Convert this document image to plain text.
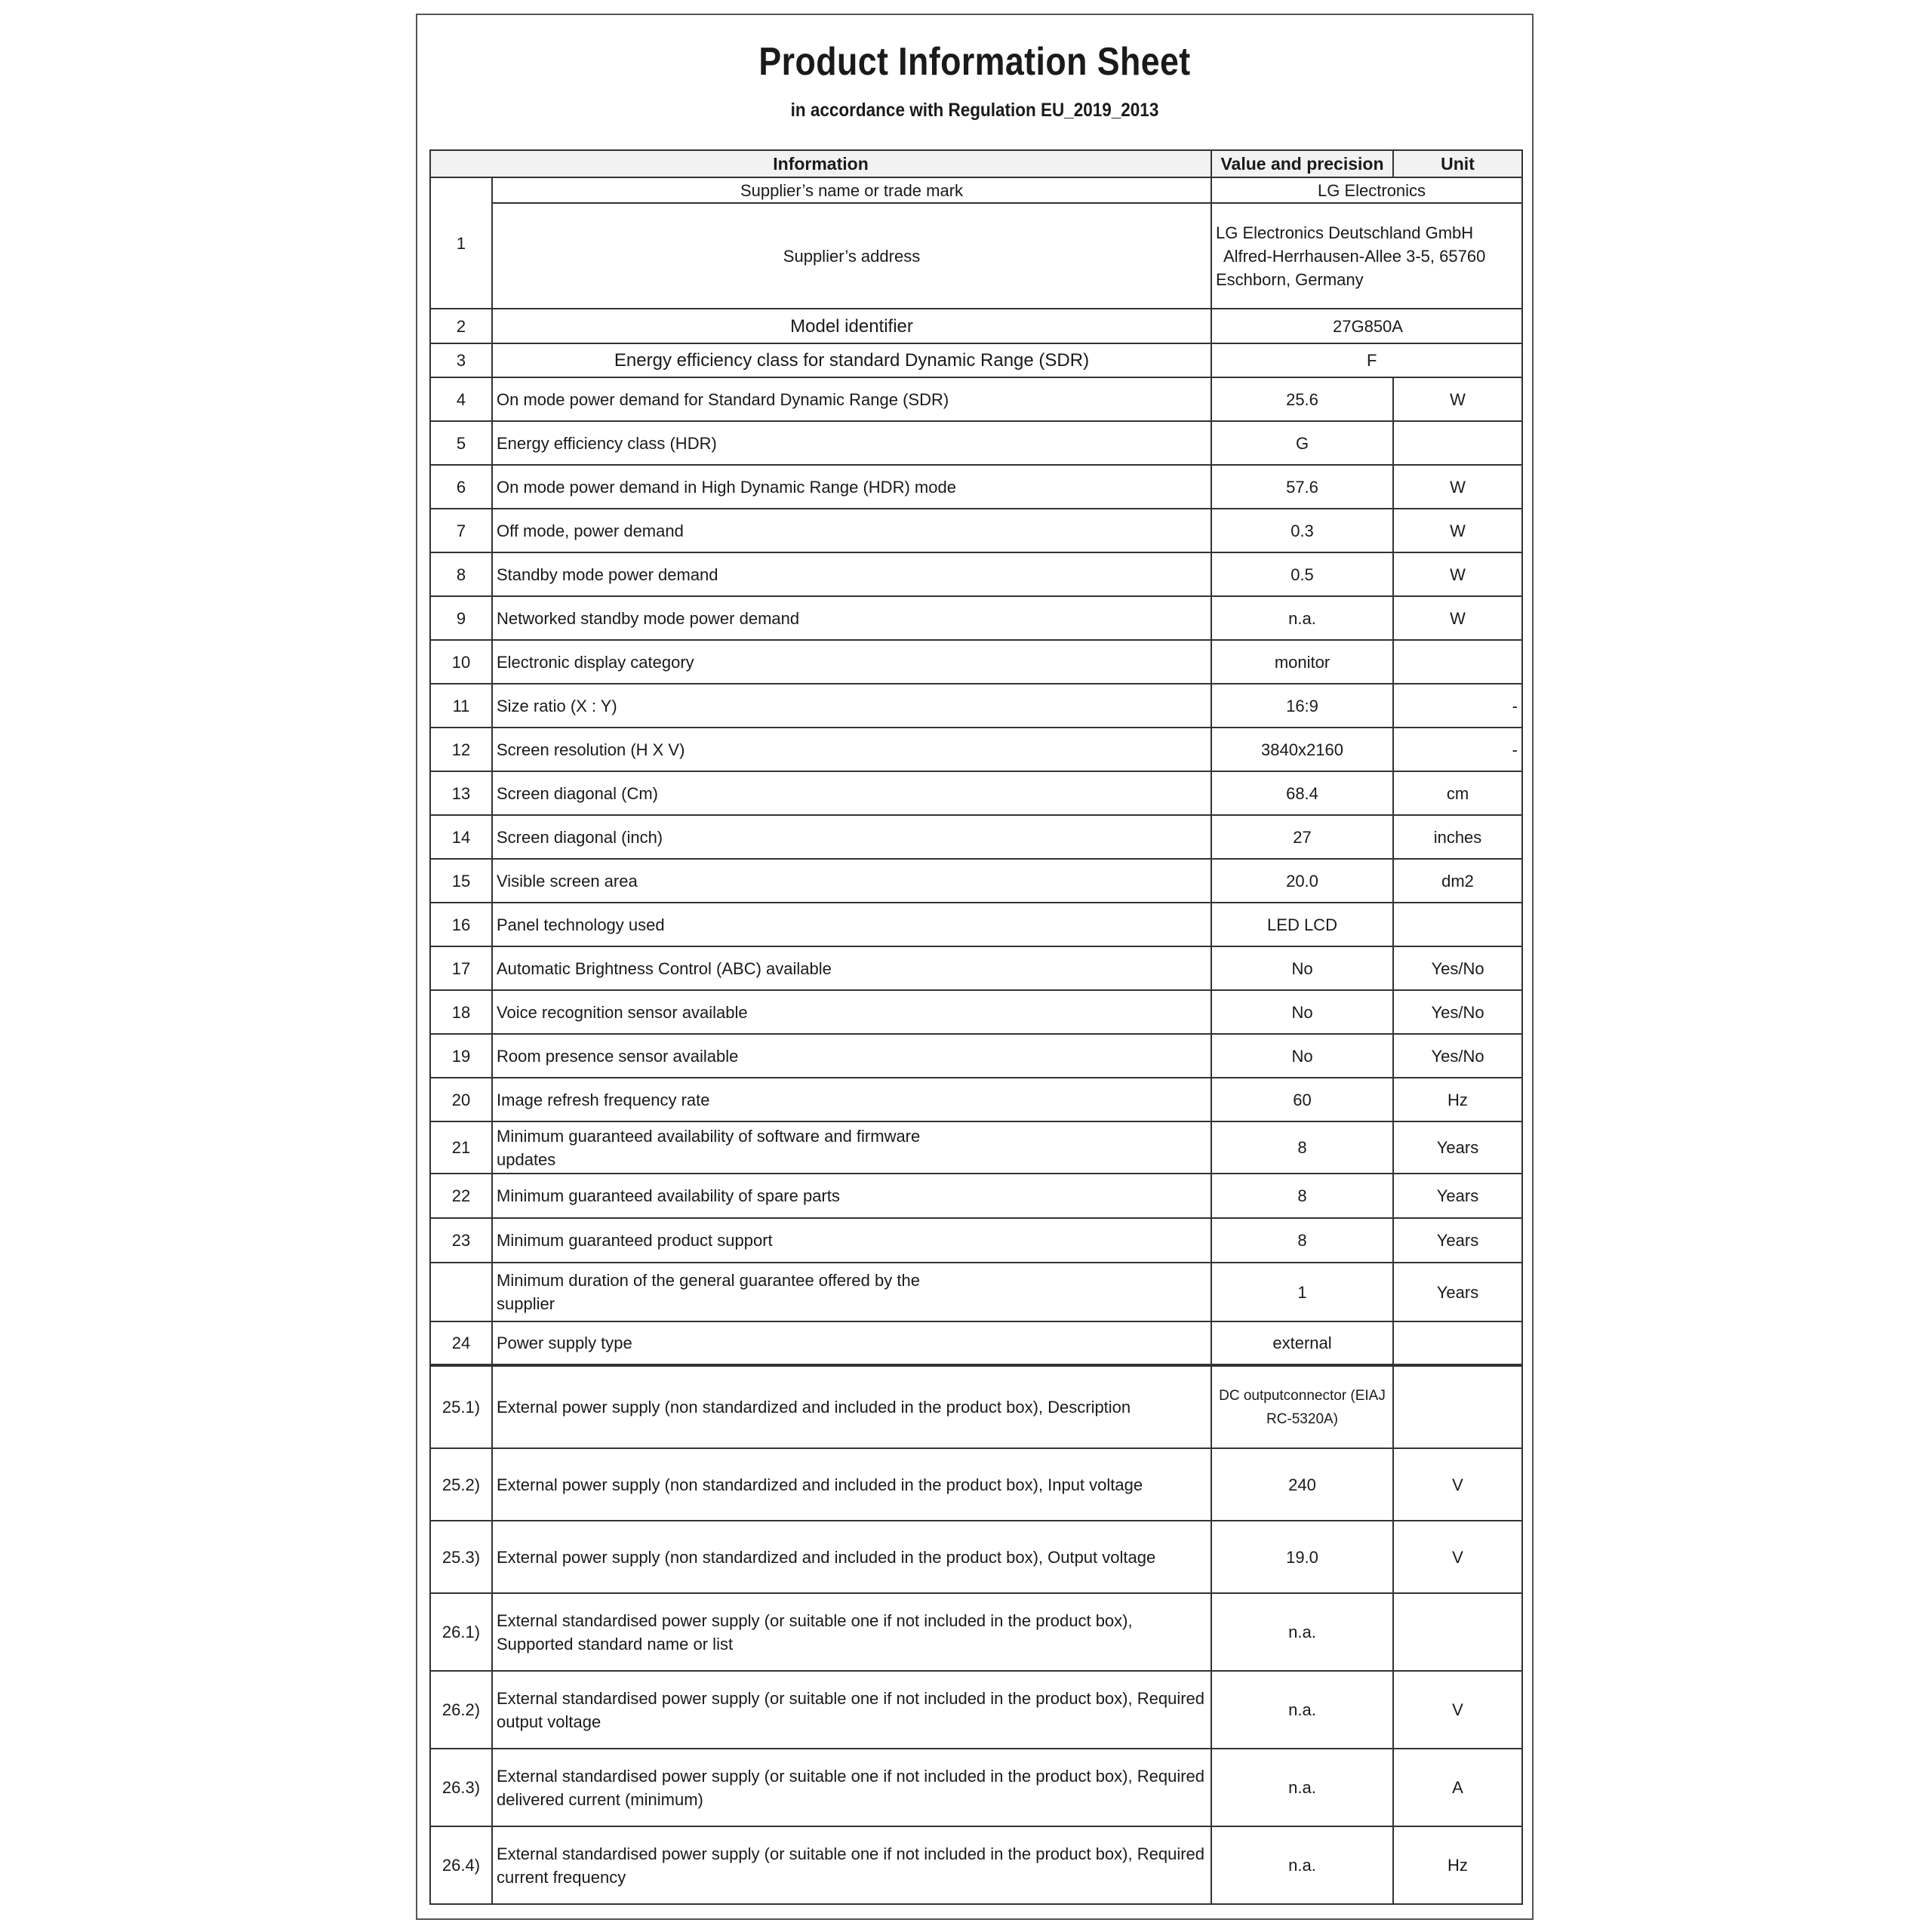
Product Information Sheet
in accordance with Regulation EU_2019_2013
Information		Value and precision	Unit
1	Supplier’s name or trade mark	LG Electronics	
	Supplier’s address	LG Electronics Deutschland GmbH
Alfred-Herrhausen-Allee 3-5, 65760
Eschborn, Germany	

2	Model identifier	27G850A	
3	Energy efficiency class for standard Dynamic Range (SDR)	F	
4	On mode power demand for Standard Dynamic Range (SDR)	25.6	W
5	Energy efficiency class (HDR)	G	
6	On mode power demand in High Dynamic Range (HDR) mode	57.6	W
7	Off mode, power demand	0.3	W
8	Standby mode power demand	0.5	W
9	Networked standby mode power demand	n.a.	W
10	Electronic display category	monitor	
11	Size ratio (X : Y)	16:9	-
12	Screen resolution (H X V)	3840x2160	-
13	Screen diagonal (Cm)	68.4	cm
14	Screen diagonal (inch)	27	inches
15	Visible screen area	20.0	dm2
16	Panel technology used	LED LCD	
17	Automatic Brightness Control (ABC) available	No	Yes/No
18	Voice recognition sensor available	No	Yes/No
19	Room presence sensor available	No	Yes/No
20	Image refresh frequency rate	60	Hz
21	Minimum guaranteed availability of software and firmware
updates	8	Years
22	Minimum guaranteed availability of spare parts	8	Years
23	Minimum guaranteed product support	8	Years
	Minimum duration of the general guarantee offered by the
supplier	1	Years
24	Power supply type	external	
25.1)	External power supply (non standardized and included in the product box), Description	DC outputconnector (EIAJ RC-5320A)	
25.2)	External power supply (non standardized and included in the product box), Input voltage	240	V
25.3)	External power supply (non standardized and included in the product box), Output voltage	19.0	V
26.1)	External standardised power supply (or suitable one if not included in the product box), Supported standard name or list	n.a.	
26.2)	External standardised power supply (or suitable one if not included in the product box), Required output voltage	n.a.	V
26.3)	External standardised power supply (or suitable one if not included in the product box), Required delivered current (minimum)	n.a.	A
26.4)	External standardised power supply (or suitable one if not included in the product box), Required current frequency	n.a.	Hz
